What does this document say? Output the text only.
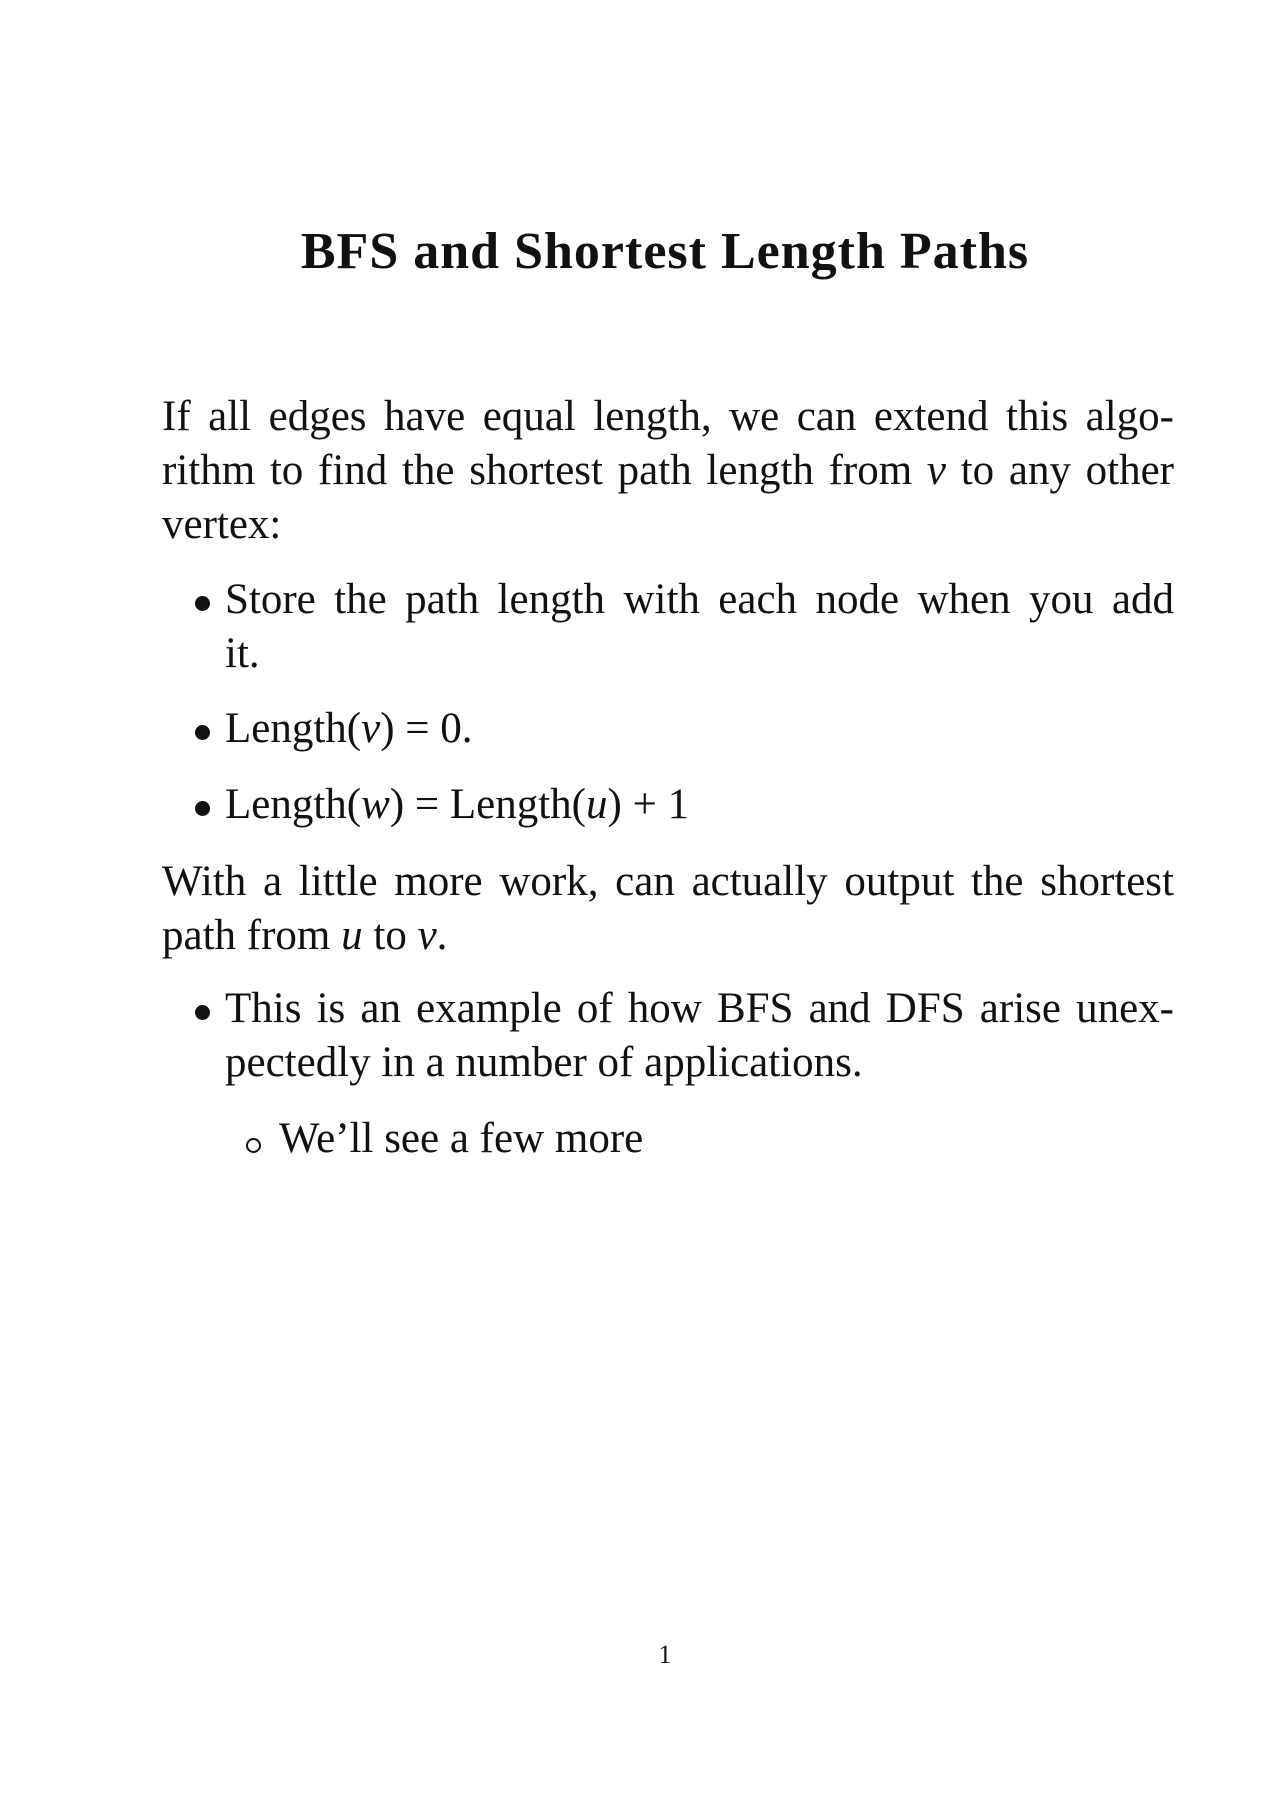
BFS and Shortest Length Paths

If all edges have equal length, we can extend this algo-
rithm to find the shortest path length from v to any other
vertex:

Store the path length with each node when you add
it.
Length(v) = 0.
Length(w) = Length(u) + 1

With a little more work, can actually output the shortest
path from u to v.

This is an example of how BFS and DFS arise unex-
pectedly in a number of applications.
We’ll see a few more
1
